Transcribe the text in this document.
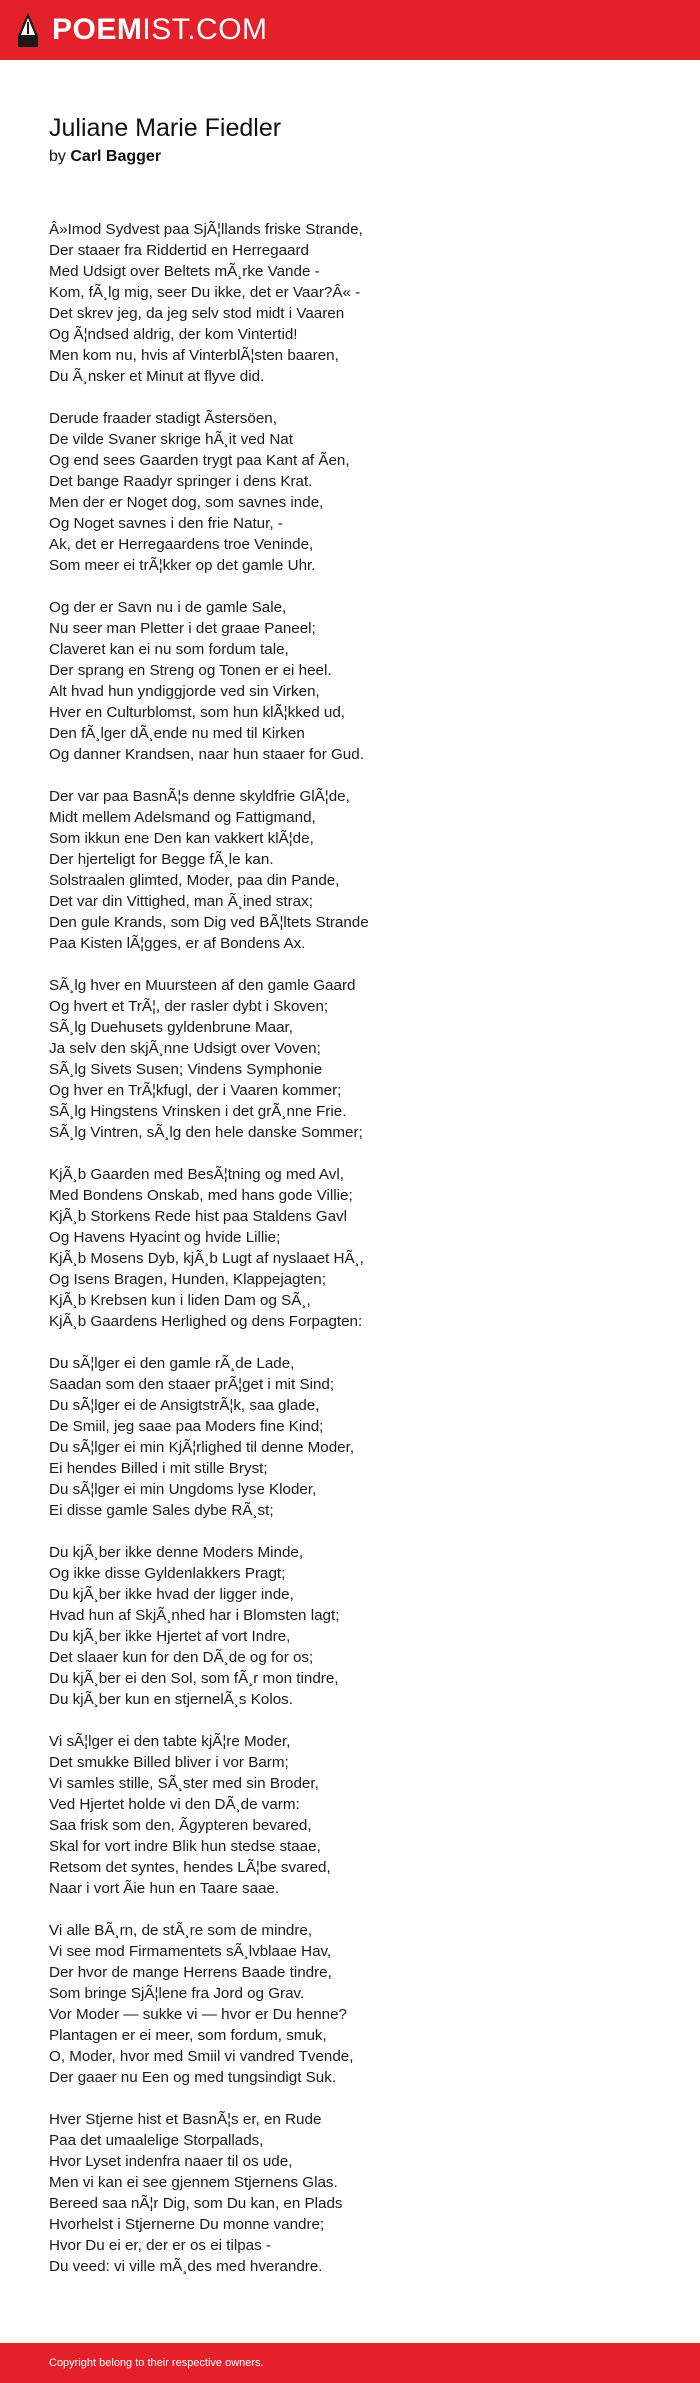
POEMIST.COM
Juliane Marie Fiedler
by Carl Bagger
Â»Imod Sydvest paa SjÃ¦llands friske Strande,
Der staaer fra Riddertid en Herregaard
Med Udsigt over Beltets mÃ¸rke Vande -
Kom, fÃ¸lg mig, seer Du ikke, det er Vaar?Â« -
Det skrev jeg, da jeg selv stod midt i Vaaren
Og Ã¦ndsed aldrig, der kom Vintertid!
Men kom nu, hvis af VinterblÃ¦sten baaren,
Du Ã¸nsker et Minut at flyve did.
Derude fraader stadigt Ãstersöen,
De vilde Svaner skrige hÃ¸it ved Nat
Og end sees Gaarden trygt paa Kant af Ãen,
Det bange Raadyr springer i dens Krat.
Men der er Noget dog, som savnes inde,
Og Noget savnes i den frie Natur, -
Ak, det er Herregaardens troe Veninde,
Som meer ei trÃ¦kker op det gamle Uhr.
Og der er Savn nu i de gamle Sale,
Nu seer man Pletter i det graae Paneel;
Claveret kan ei nu som fordum tale,
Der sprang en Streng og Tonen er ei heel.
Alt hvad hun yndiggjorde ved sin Virken,
Hver en Culturblomst, som hun klÃ¦kked ud,
Den fÃ¸lger dÃ¸ende nu med til Kirken
Og danner Krandsen, naar hun staaer for Gud.
Der var paa BasnÃ¦s denne skyldfrie GlÃ¦de,
Midt mellem Adelsmand og Fattigmand,
Som ikkun ene Den kan vakkert klÃ¦de,
Der hjerteligt for Begge fÃ¸le kan.
Solstraalen glimted, Moder, paa din Pande,
Det var din Vittighed, man Ã¸ined strax;
Den gule Krands, som Dig ved BÃ¦ltets Strande
Paa Kisten lÃ¦gges, er af Bondens Ax.
SÃ¸lg hver en Muursteen af den gamle Gaard
Og hvert et TrÃ¦, der rasler dybt i Skoven;
SÃ¸lg Duehusets gyldenbrune Maar,
Ja selv den skjÃ¸nne Udsigt over Voven;
SÃ¸lg Sivets Susen; Vindens Symphonie
Og hver en TrÃ¦kfugl, der i Vaaren kommer;
SÃ¸lg Hingstens Vrinsken i det grÃ¸nne Frie.
SÃ¸lg Vintren, sÃ¸lg den hele danske Sommer;
KjÃ¸b Gaarden med BesÃ¦tning og med Avl,
Med Bondens Onskab, med hans gode Villie;
KjÃ¸b Storkens Rede hist paa Staldens Gavl
Og Havens Hyacint og hvide Lillie;
KjÃ¸b Mosens Dyb, kjÃ¸b Lugt af nyslaaet HÃ¸,
Og Isens Bragen, Hunden, Klappejagten;
KjÃ¸b Krebsen kun i liden Dam og SÃ¸,
KjÃ¸b Gaardens Herlighed og dens Forpagten:
Du sÃ¦lger ei den gamle rÃ¸de Lade,
Saadan som den staaer prÃ¦get i mit Sind;
Du sÃ¦lger ei de AnsigtstrÃ¦k, saa glade,
De Smiil, jeg saae paa Moders fine Kind;
Du sÃ¦lger ei min KjÃ¦rlighed til denne Moder,
Ei hendes Billed i mit stille Bryst;
Du sÃ¦lger ei min Ungdoms lyse Kloder,
Ei disse gamle Sales dybe RÃ¸st;
Du kjÃ¸ber ikke denne Moders Minde,
Og ikke disse Gyldenlakkers Pragt;
Du kjÃ¸ber ikke hvad der ligger inde,
Hvad hun af SkjÃ¸nhed har i Blomsten lagt;
Du kjÃ¸ber ikke Hjertet af vort Indre,
Det slaaer kun for den DÃ¸de og for os;
Du kjÃ¸ber ei den Sol, som fÃ¸r mon tindre,
Du kjÃ¸ber kun en stjernelÃ¸s Kolos.
Vi sÃ¦lger ei den tabte kjÃ¦re Moder,
Det smukke Billed bliver i vor Barm;
Vi samles stille, SÃ¸ster med sin Broder,
Ved Hjertet holde vi den DÃ¸de varm:
Saa frisk som den, Ãgypteren bevared,
Skal for vort indre Blik hun stedse staae,
Retsom det syntes, hendes LÃ¦be svared,
Naar i vort Ãie hun en Taare saae.
Vi alle BÃ¸rn, de stÃ¸re som de mindre,
Vi see mod Firmamentets sÃ¸lvblaae Hav,
Der hvor de mange Herrens Baade tindre,
Som bringe SjÃ¦lene fra Jord og Grav.
Vor Moder — sukke vi — hvor er Du henne?
Plantagen er ei meer, som fordum, smuk,
O, Moder, hvor med Smiil vi vandred Tvende,
Der gaaer nu Een og med tungsindigt Suk.
Hver Stjerne hist et BasnÃ¦s er, en Rude
Paa det umaalelige Storpallads,
Hvor Lyset indenfra naaer til os ude,
Men vi kan ei see gjennem Stjernens Glas.
Bereed saa nÃ¦r Dig, som Du kan, en Plads
Hvorhelst i Stjernerne Du monne vandre;
Hvor Du ei er, der er os ei tilpas -
Du veed: vi ville mÃ¸des med hverandre.
Copyright belong to their respective owners.
